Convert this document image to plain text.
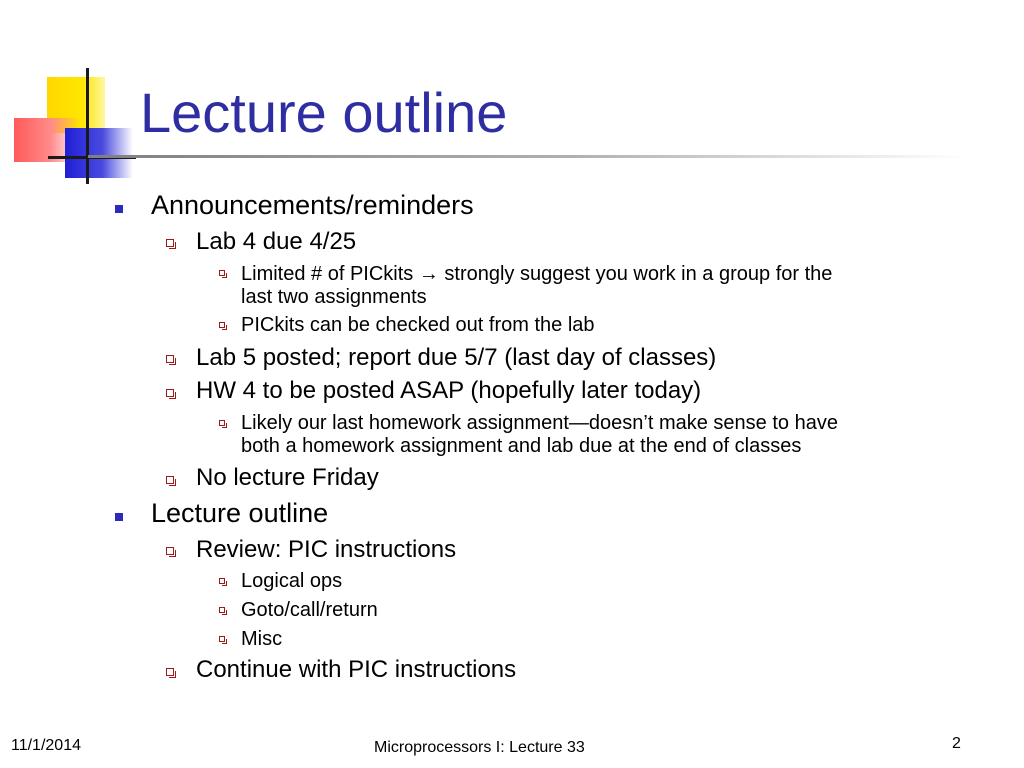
Lecture outline
Announcements/reminders
Lab 4 due 4/25
Limited # of PICkits → strongly suggest you work in a group for the
last two assignments
PICkits can be checked out from the lab
Lab 5 posted; report due 5/7 (last day of classes)
HW 4 to be posted ASAP (hopefully later today)
Likely our last homework assignment—doesn’t make sense to have
both a homework assignment and lab due at the end of classes
No lecture Friday
Lecture outline
Review: PIC instructions
Logical ops
Goto/call/return
Misc
Continue with PIC instructions
11/1/2014	Microprocessors I: Lecture 33	2
